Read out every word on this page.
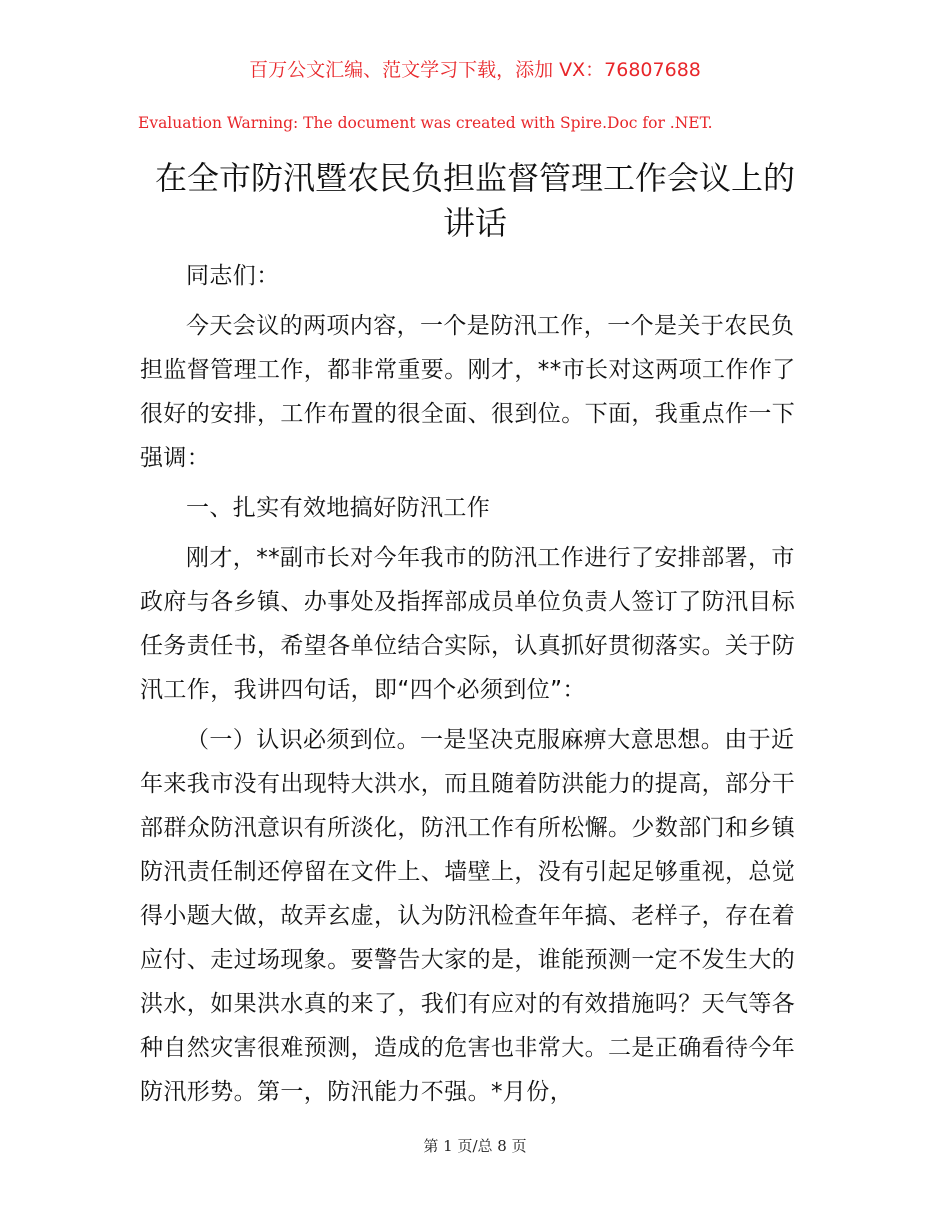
百万公文汇编、范文学习下载，添加 VX：76807688
Evaluation Warning: The document was created with Spire.Doc for .NET.
在全市防汛暨农民负担监督管理工作会议上的
讲话

同志们：

今天会议的两项内容，一个是防汛工作，一个是关于农民负担监督管理工作，都非常重要。刚才，**市长对这两项工作作了很好的安排，工作布置的很全面、很到位。下面，我重点作一下强调：

一、扎实有效地搞好防汛工作

刚才，**副市长对今年我市的防汛工作进行了安排部署，市政府与各乡镇、办事处及指挥部成员单位负责人签订了防汛目标任务责任书，希望各单位结合实际，认真抓好贯彻落实。关于防汛工作，我讲四句话，即“四个必须到位”：

（一）认识必须到位。一是坚决克服麻痹大意思想。由于近年来我市没有出现特大洪水，而且随着防洪能力的提高，部分干部群众防汛意识有所淡化，防汛工作有所松懈。少数部门和乡镇防汛责任制还停留在文件上、墙壁上，没有引起足够重视，总觉得小题大做，故弄玄虚，认为防汛检查年年搞、老样子，存在着应付、走过场现象。要警告大家的是，谁能预测一定不发生大的洪水，如果洪水真的来了，我们有应对的有效措施吗？天气等各种自然灾害很难预测，造成的危害也非常大。二是正确看待今年防汛形势。第一，防汛能力不强。*月份，

第 1 页/总 8 页
